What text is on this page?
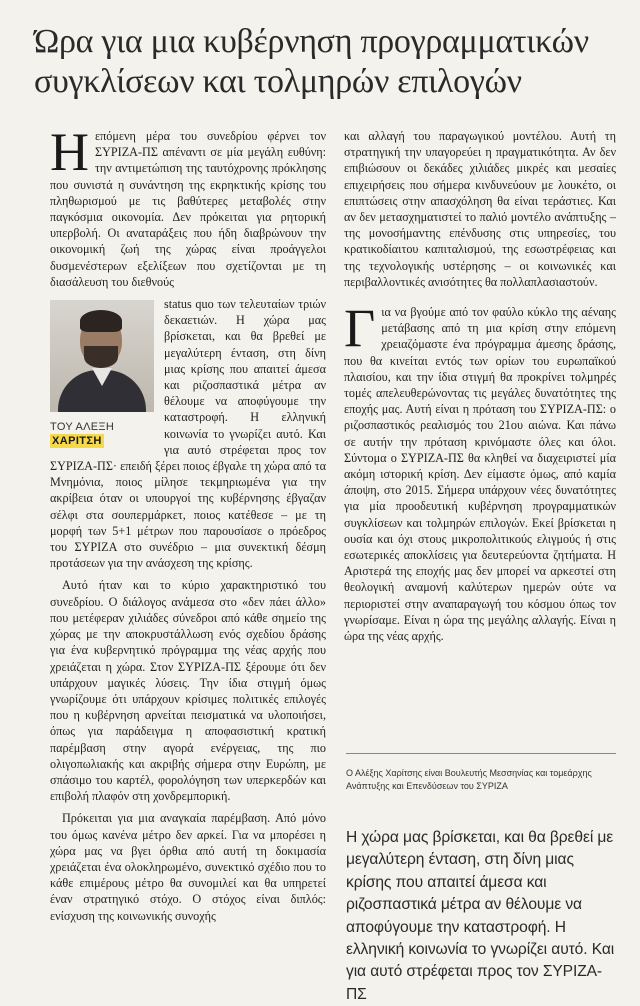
Ώρα για μια κυβέρνηση προγραμματικών
συγκλίσεων και τολμηρών επιλογών

Η επόμενη μέρα του συνεδρίου φέρνει τον ΣΥΡΙΖΑ-ΠΣ απέναντι σε μία μεγάλη ευθύνη: την αντιμετώπιση της ταυτόχρονης πρόκλησης που συνιστά η συνάντηση της εκρηκτικής κρίσης του πληθωρισμού με τις βαθύτερες μεταβολές στην παγκόσμια οικονομία. Δεν πρόκειται για ρητορική υπερβολή. Οι αναταράξεις που ήδη διαβρώνουν την οικονομική ζωή της χώρας είναι προάγγελοι δυσμενέστερων εξελίξεων που σχετίζονται με τη διασάλευση του διεθνούς

ΤΟΥ ΑΛΕΞΗ
ΧΑΡΙΤΣΗ

status quo των τελευταίων τριών δεκαετιών. Η χώρα μας βρίσκεται, και θα βρεθεί με μεγαλύτερη ένταση, στη δίνη μιας κρίσης που απαιτεί άμεσα και ριζοσπαστικά μέτρα αν θέλουμε να αποφύγουμε την καταστροφή. Η ελληνική κοινωνία το γνωρίζει αυτό. Και για αυτό στρέφεται προς τον ΣΥΡΙΖΑ-ΠΣ· επειδή ξέρει ποιος έβγαλε τη χώρα από τα Μνημόνια, ποιος μίλησε τεκμηριωμένα για την ακρίβεια όταν οι υπουργοί της κυβέρνησης έβγαζαν σέλφι στα σουπερμάρκετ, ποιος κατέθεσε – με τη μορφή των 5+1 μέτρων που παρουσίασε ο πρόεδρος του ΣΥΡΙΖΑ στο συνέδριο – μια συνεκτική δέσμη προτάσεων για την ανάσχεση της κρίσης.

Αυτό ήταν και το κύριο χαρακτηριστικό του συνεδρίου. Ο διάλογος ανάμεσα στο «δεν πάει άλλο» που μετέφεραν χιλιάδες σύνεδροι από κάθε σημείο της χώρας με την αποκρυστάλλωση ενός σχεδίου δράσης για ένα κυβερνητικό πρόγραμμα της νέας αρχής που χρειάζεται η χώρα. Στον ΣΥΡΙΖΑ-ΠΣ ξέρουμε ότι δεν υπάρχουν μαγικές λύσεις. Την ίδια στιγμή όμως γνωρίζουμε ότι υπάρχουν κρίσιμες πολιτικές επιλογές που η κυβέρνηση αρνείται πεισματικά να υλοποιήσει, όπως για παράδειγμα η αποφασιστική κρατική παρέμβαση στην αγορά ενέργειας, της πιο ολιγοπωλιακής και ακριβής σήμερα στην Ευρώπη, με σπάσιμο του καρτέλ, φορολόγηση των υπερκερδών και επιβολή πλαφόν στη χονδρεμπορική.

Πρόκειται για μια αναγκαία παρέμβαση. Από μόνο του όμως κανένα μέτρο δεν αρκεί. Για να μπορέσει η χώρα μας να βγει όρθια από αυτή τη δοκιμασία χρειάζεται ένα ολοκληρωμένο, συνεκτικό σχέδιο που το κάθε επιμέρους μέτρο θα συνομιλεί και θα υπηρετεί έναν στρατηγικό στόχο. Ο στόχος είναι διπλός: ενίσχυση της κοινωνικής συνοχής

και αλλαγή του παραγωγικού μοντέλου. Αυτή τη στρατηγική την υπαγορεύει η πραγματικότητα. Αν δεν επιβιώσουν οι δεκάδες χιλιάδες μικρές και μεσαίες επιχειρήσεις που σήμερα κινδυνεύουν με λουκέτο, οι επιπτώσεις στην απασχόληση θα είναι τεράστιες. Και αν δεν μετασχηματιστεί το παλιό μοντέλο ανάπτυξης – της μονοσήμαντης επένδυσης στις υπηρεσίες, του κρατικοδίαιτου καπιταλισμού, της εσωστρέφειας και της τεχνολογικής υστέρησης – οι κοινωνικές και περιβαλλοντικές ανισότητες θα πολλαπλασιαστούν.

Γ ια να βγούμε από τον φαύλο κύκλο της αέναης μετάβασης από τη μια κρίση στην επόμενη χρειαζόμαστε ένα πρόγραμμα άμεσης δράσης, που θα κινείται εντός των ορίων του ευρωπαϊκού πλαισίου, και την ίδια στιγμή θα προκρίνει τολμηρές τομές απελευθερώνοντας τις μεγάλες δυνατότητες της εποχής μας. Αυτή είναι η πρόταση του ΣΥΡΙΖΑ-ΠΣ: ο ριζοσπαστικός ρεαλισμός του 21ου αιώνα. Και πάνω σε αυτήν την πρόταση κρινόμαστε όλες και όλοι. Σύντομα ο ΣΥΡΙΖΑ-ΠΣ θα κληθεί να διαχειριστεί μία ακόμη ιστορική κρίση. Δεν είμαστε όμως, από καμία άποψη, στο 2015. Σήμερα υπάρχουν νέες δυνατότητες για μία προοδευτική κυβέρνηση προγραμματικών συγκλίσεων και τολμηρών επιλογών. Εκεί βρίσκεται η ουσία και όχι στους μικροπολιτικούς ελιγμούς ή στις εσωτερικές αποκλίσεις για δευτερεύοντα ζητήματα. Η Αριστερά της εποχής μας δεν μπορεί να αρκεστεί στη θεολογική αναμονή καλύτερων ημερών ούτε να περιοριστεί στην αναπαραγωγή του κόσμου όπως τον γνωρίσαμε. Είναι η ώρα της μεγάλης αλλαγής. Είναι η ώρα της νέας αρχής.

Ο Αλέξης Χαρίτσης είναι Βουλευτής Μεσσηνίας και τομεάρχης Ανάπτυξης και Επενδύσεων του ΣΥΡΙΖΑ
Η χώρα μας βρίσκεται, και θα βρεθεί με μεγαλύτερη ένταση, στη δίνη μιας κρίσης που απαιτεί άμεσα και ριζοσπαστικά μέτρα αν θέλουμε να αποφύγουμε την καταστροφή. Η ελληνική κοινωνία το γνωρίζει αυτό. Και για αυτό στρέφεται προς τον ΣΥΡΙΖΑ-ΠΣ
